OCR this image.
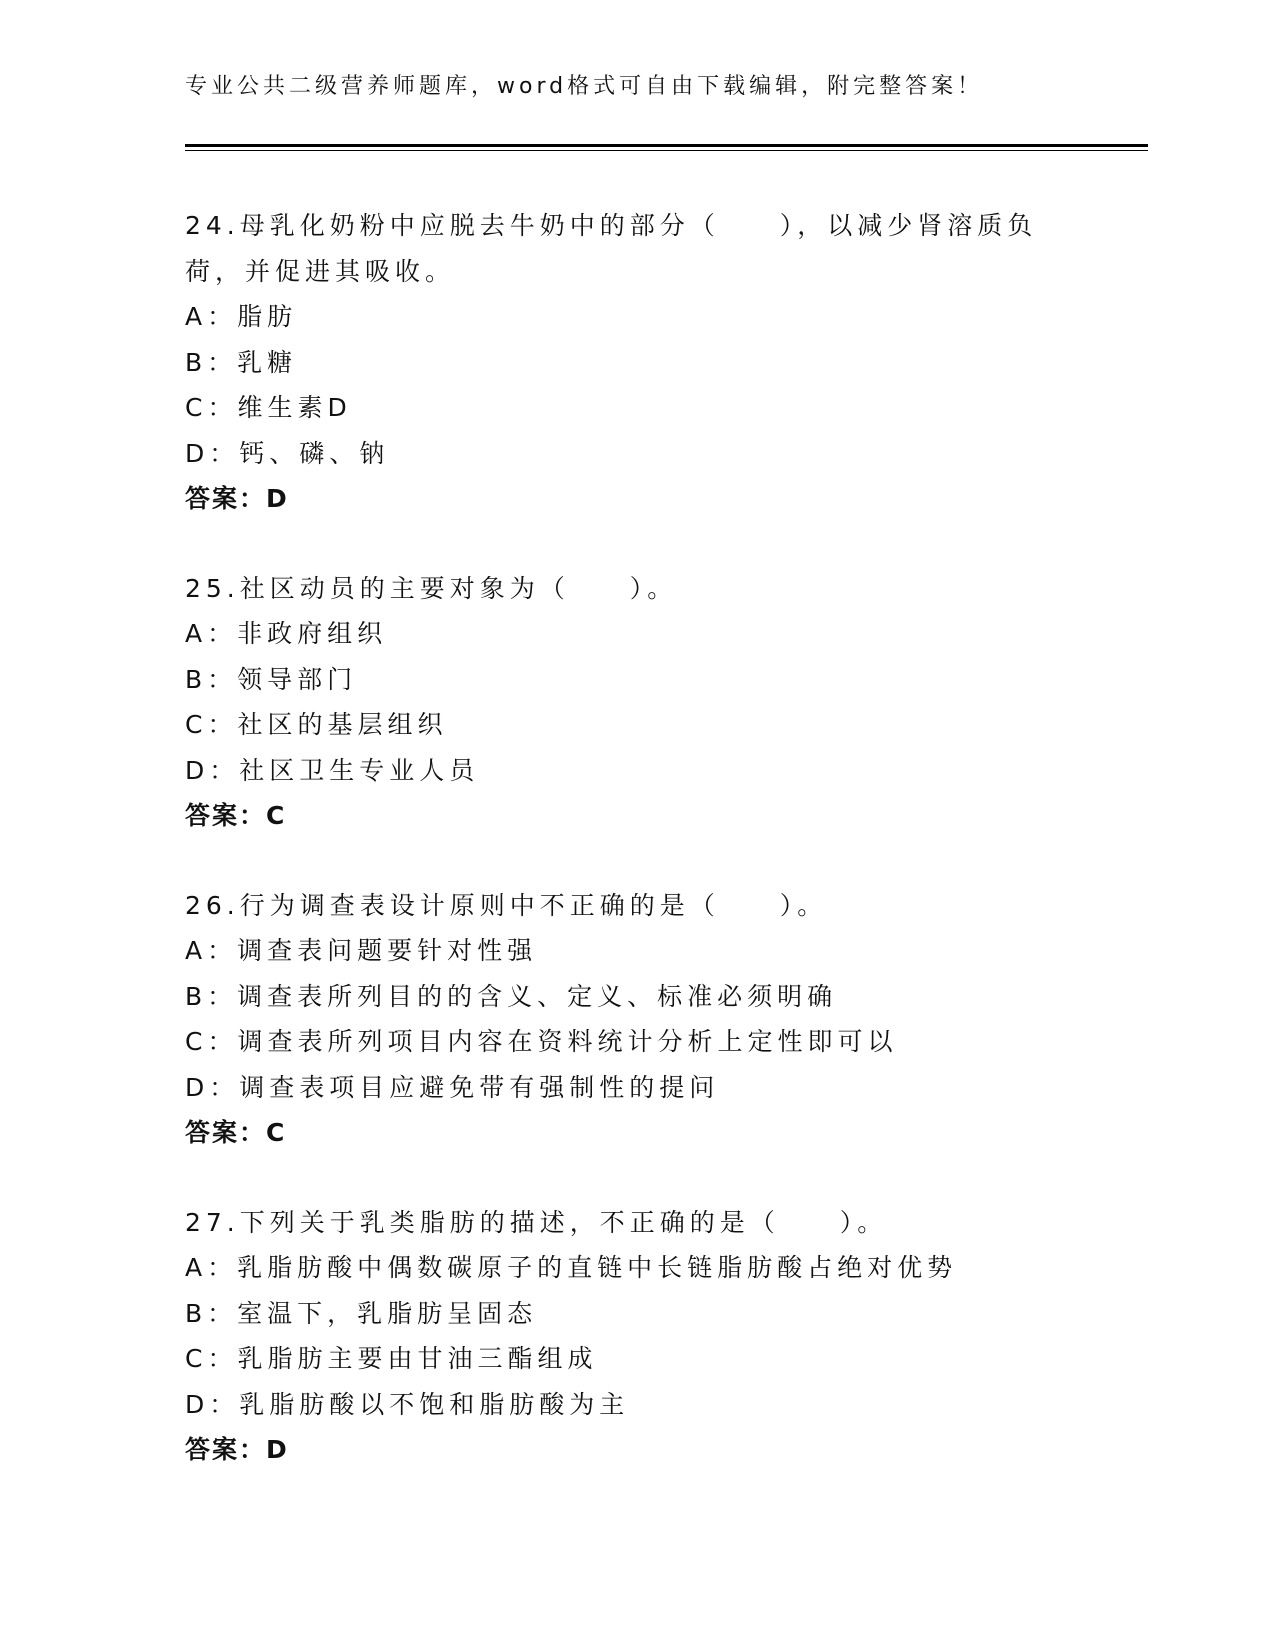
专业公共二级营养师题库，word格式可自由下载编辑，附完整答案！
24.母乳化奶粉中应脱去牛奶中的部分（　　），以减少肾溶质负荷，并促进其吸收。
A：脂肪
B：乳糖
C：维生素D
D：钙、磷、钠
答案：D
25.社区动员的主要对象为（　　）。
A：非政府组织
B：领导部门
C：社区的基层组织
D：社区卫生专业人员
答案：C
26.行为调查表设计原则中不正确的是（　　）。
A：调查表问题要针对性强
B：调查表所列目的的含义、定义、标准必须明确
C：调查表所列项目内容在资料统计分析上定性即可以
D：调查表项目应避免带有强制性的提问
答案：C
27.下列关于乳类脂肪的描述，不正确的是（　　）。
A：乳脂肪酸中偶数碳原子的直链中长链脂肪酸占绝对优势
B：室温下，乳脂肪呈固态
C：乳脂肪主要由甘油三酯组成
D：乳脂肪酸以不饱和脂肪酸为主
答案：D
